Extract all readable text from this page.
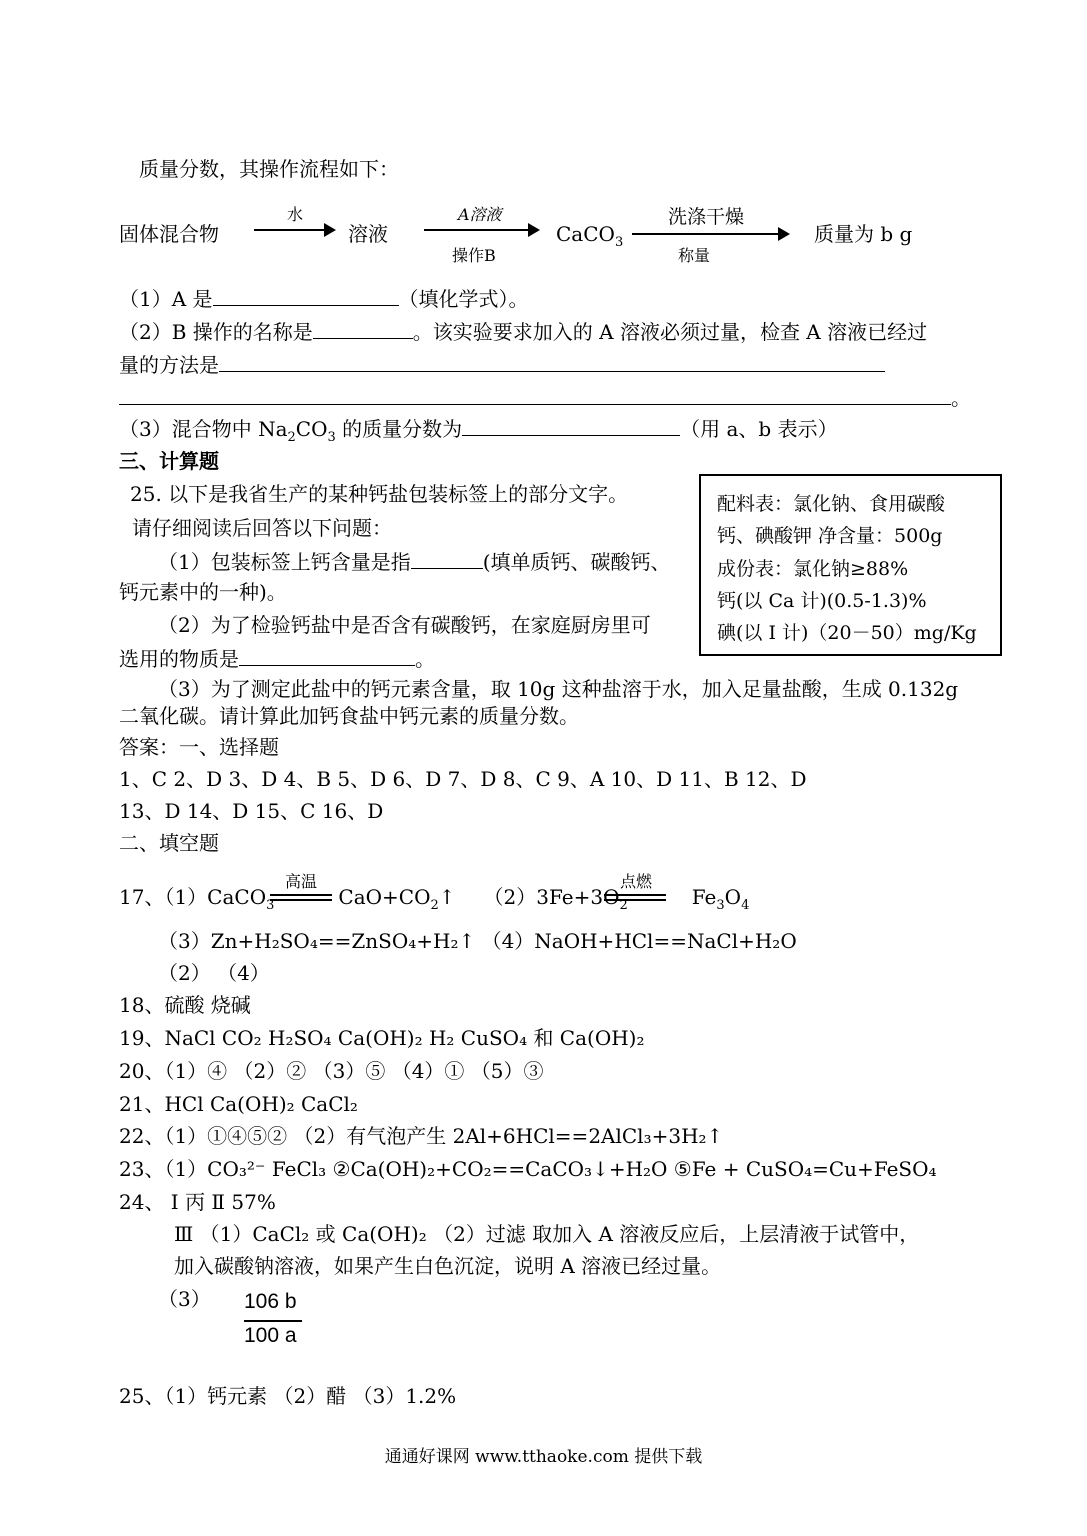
质量分数，其操作流程如下：
固体混合物
水
溶液
A溶液
操作B
CaCO$_3$
洗涤干燥
称量
质量为 b g
（1）A 是	（填化学式）。
（2）B 操作的名称是	。该实验要求加入的 A 溶液必须过量，检查 A 溶液已经过
量的方法是
。
（3）混合物中 $Na_2CO_3$ 的质量分数为	（用 a、b 表示）
三、计算题
25. 以下是我省生产的某种钙盐包装标签上的部分文字。
请仔细阅读后回答以下问题：
（1）包装标签上钙含量是指	(填单质钙、碳酸钙、
钙元素中的一种)。
（2）为了检验钙盐中是否含有碳酸钙，在家庭厨房里可
选用的物质是	。
（3）为了测定此盐中的钙元素含量，取 10g 这种盐溶于水，加入足量盐酸，生成 0.132g
二氧化碳。请计算此加钙食盐中钙元素的质量分数。
配料表：氯化钠、食用碳酸
钙、碘酸钾 净含量：500g
成份表：氯化钠≥88%
钙(以 Ca 计)(0.5-1.3)%
碘(以 I 计)（20－50）mg/Kg
答案：一、选择题
1、C 2、D 3、D 4、B 5、D 6、D 7、D 8、C 9、A 10、D 11、B 12、D
13、D 14、D 15、C 16、D
二、填空题
17、（1）CaCO$_3$	$CaO+CO_2↑$ $(2)3Fe+3O_2$	$Fe_3O_4$
高温	点燃
（3）Zn+H₂SO₄==ZnSO₄+H₂↑ （4）NaOH+HCl==NaCl+H₂O
（2） （4）
18、硫酸 烧碱
19、NaCl CO₂ H₂SO₄ Ca(OH)₂ H₂ CuSO₄ 和 Ca(OH)₂
20、（1）④ （2）② （3）⑤ （4）① （5）③
21、HCl Ca(OH)₂ CaCl₂
22、（1）①④⑤② （2）有气泡产生 2Al+6HCl==2AlCl₃+3H₂↑
23、（1）CO₃²⁻ FeCl₃ ②Ca(OH)₂+CO₂==CaCO₃↓+H₂O ⑤Fe + CuSO₄=Cu+FeSO₄
24、 Ⅰ 丙 Ⅱ 57%
Ⅲ （1）CaCl₂ 或 Ca(OH)₂ （2）过滤 取加入 A 溶液反应后，上层清液于试管中，
加入碳酸钠溶液，如果产生白色沉淀，说明 A 溶液已经过量。
（3） 106 b
100 a
25、（1）钙元素 （2）醋 （3）1.2%
通通好课网 www.tthaoke.com 提供下载
